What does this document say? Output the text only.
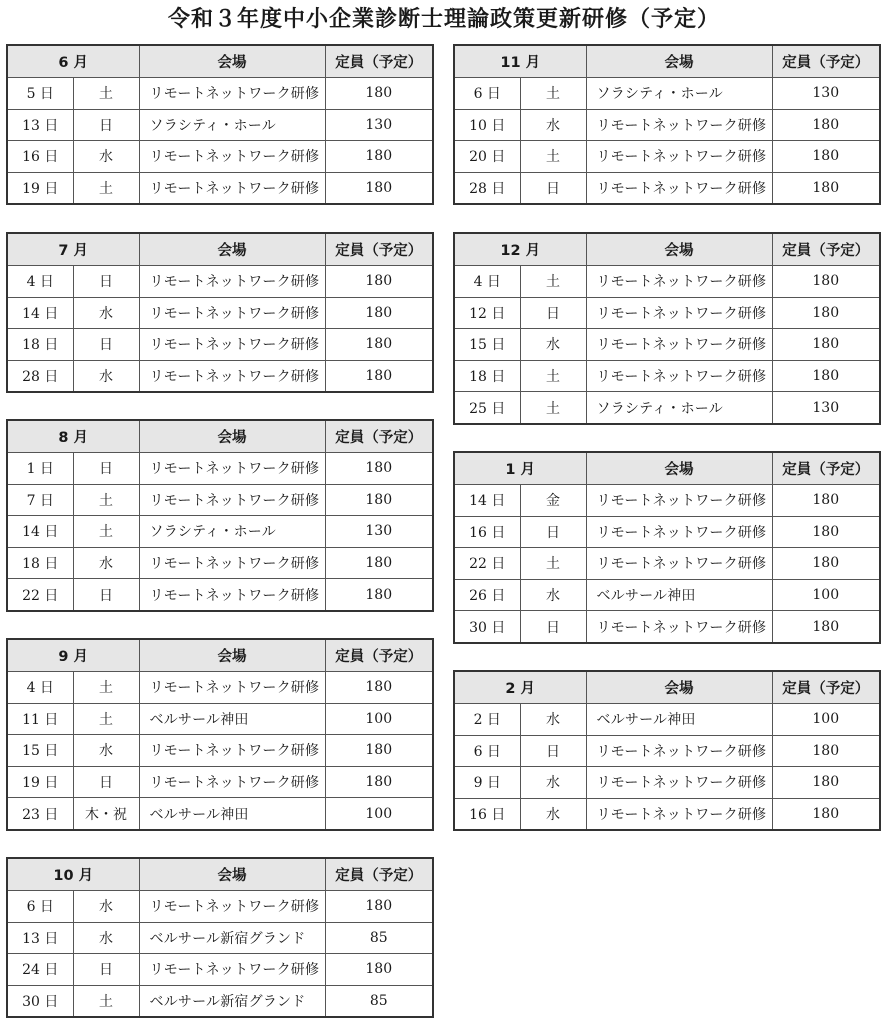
令和３年度中小企業診断士理論政策更新研修（予定）
6 月		会場	定員（予定）
5 日	土	リモートネットワーク研修	180
13 日	日	ソラシティ・ホール	130
16 日	水	リモートネットワーク研修	180
19 日	土	リモートネットワーク研修	180
7 月		会場	定員（予定）
4 日	日	リモートネットワーク研修	180
14 日	水	リモートネットワーク研修	180
18 日	日	リモートネットワーク研修	180
28 日	水	リモートネットワーク研修	180
8 月		会場	定員（予定）
1 日	日	リモートネットワーク研修	180
7 日	土	リモートネットワーク研修	180
14 日	土	ソラシティ・ホール	130
18 日	水	リモートネットワーク研修	180
22 日	日	リモートネットワーク研修	180
9 月		会場	定員（予定）
4 日	土	リモートネットワーク研修	180
11 日	土	ベルサール神田	100
15 日	水	リモートネットワーク研修	180
19 日	日	リモートネットワーク研修	180
23 日	木・祝	ベルサール神田	100
10 月		会場	定員（予定）
6 日	水	リモートネットワーク研修	180
13 日	水	ベルサール新宿グランド	85
24 日	日	リモートネットワーク研修	180
30 日	土	ベルサール新宿グランド	85
11 月		会場	定員（予定）
6 日	土	ソラシティ・ホール	130
10 日	水	リモートネットワーク研修	180
20 日	土	リモートネットワーク研修	180
28 日	日	リモートネットワーク研修	180
12 月		会場	定員（予定）
4 日	土	リモートネットワーク研修	180
12 日	日	リモートネットワーク研修	180
15 日	水	リモートネットワーク研修	180
18 日	土	リモートネットワーク研修	180
25 日	土	ソラシティ・ホール	130
1 月		会場	定員（予定）
14 日	金	リモートネットワーク研修	180
16 日	日	リモートネットワーク研修	180
22 日	土	リモートネットワーク研修	180
26 日	水	ベルサール神田	100
30 日	日	リモートネットワーク研修	180
2 月		会場	定員（予定）
2 日	水	ベルサール神田	100
6 日	日	リモートネットワーク研修	180
9 日	水	リモートネットワーク研修	180
16 日	水	リモートネットワーク研修	180
